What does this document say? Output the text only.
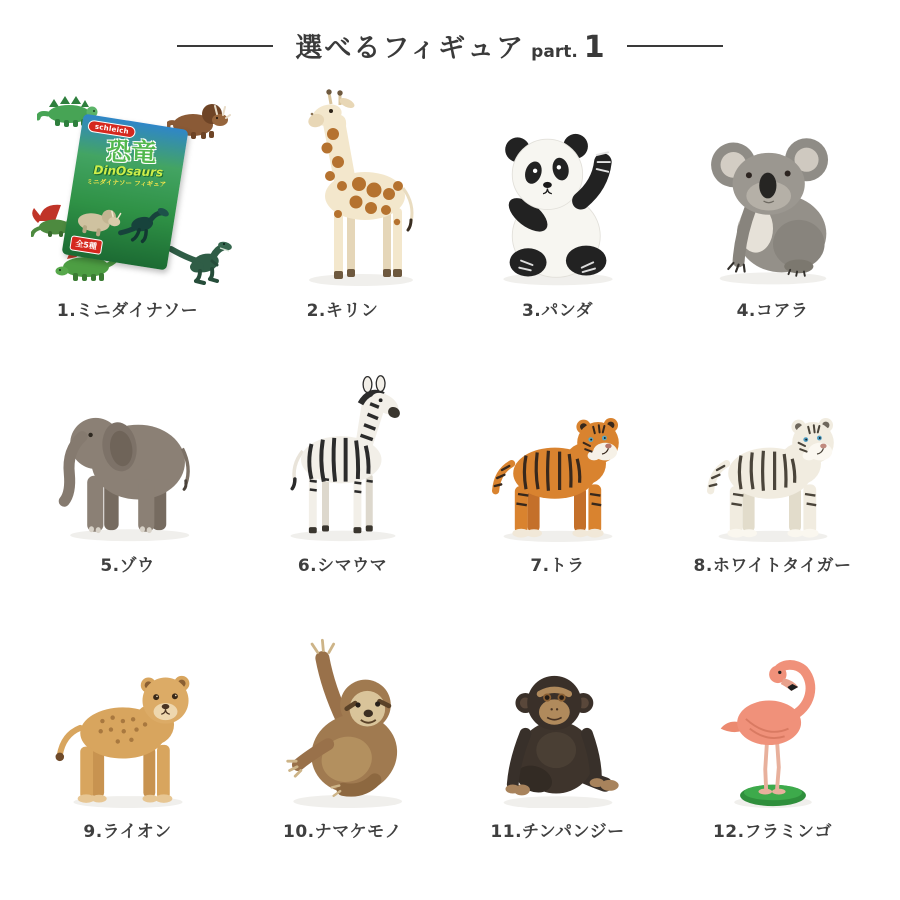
選べるフィギュア part. 1
schleich
恐竜
DinOsaurs
ミニダイナソー フィギュア
全5種
1.ミニダイナソー	2.キリン	3.パンダ	4.コアラ
5.ゾウ	6.シマウマ	7.トラ	8.ホワイトタイガー
9.ライオン	10.ナマケモノ	11.チンパンジー	12.フラミンゴ
